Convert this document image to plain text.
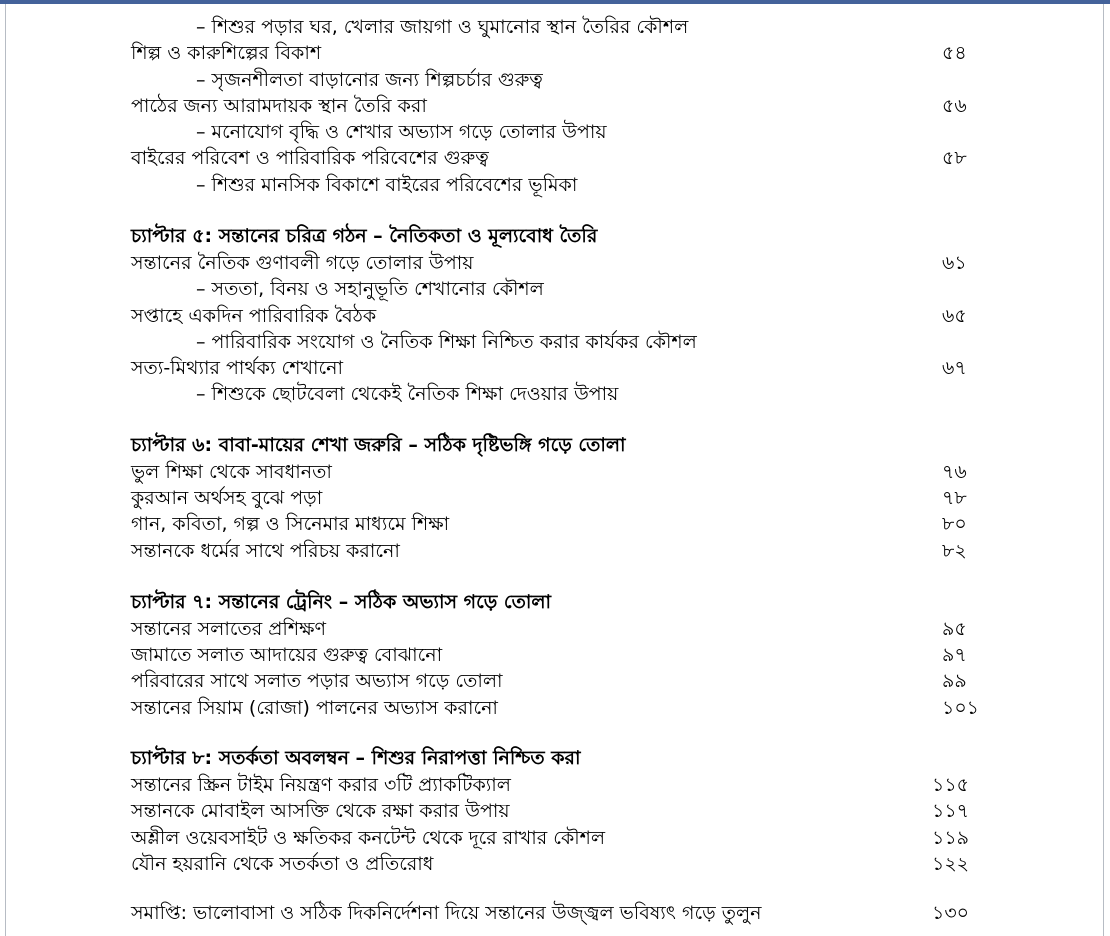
– শিশুর পড়ার ঘর, খেলার জায়গা ও ঘুমানোর স্থান তৈরির কৌশল
শিল্প ও কারুশিল্পের বিকাশ	৫৪
– সৃজনশীলতা বাড়ানোর জন্য শিল্পচর্চার গুরুত্ব
পাঠের জন্য আরামদায়ক স্থান তৈরি করা	৫৬
– মনোযোগ বৃদ্ধি ও শেখার অভ্যাস গড়ে তোলার উপায়
বাইরের পরিবেশ ও পারিবারিক পরিবেশের গুরুত্ব	৫৮
– শিশুর মানসিক বিকাশে বাইরের পরিবেশের ভূমিকা
চ্যাপ্টার ৫: সন্তানের চরিত্র গঠন – নৈতিকতা ও মূল্যবোধ তৈরি
সন্তানের নৈতিক গুণাবলী গড়ে তোলার উপায়	৬১
– সততা, বিনয় ও সহানুভূতি শেখানোর কৌশল
সপ্তাহে একদিন পারিবারিক বৈঠক	৬৫
– পারিবারিক সংযোগ ও নৈতিক শিক্ষা নিশ্চিত করার কার্যকর কৌশল
সত্য-মিথ্যার পার্থক্য শেখানো	৬৭
– শিশুকে ছোটবেলা থেকেই নৈতিক শিক্ষা দেওয়ার উপায়
চ্যাপ্টার ৬: বাবা-মায়ের শেখা জরুরি – সঠিক দৃষ্টিভঙ্গি গড়ে তোলা
ভুল শিক্ষা থেকে সাবধানতা	৭৬
কুরআন অর্থসহ বুঝে পড়া	৭৮
গান, কবিতা, গল্প ও সিনেমার মাধ্যমে শিক্ষা	৮০
সন্তানকে ধর্মের সাথে পরিচয় করানো	৮২
চ্যাপ্টার ৭: সন্তানের ট্রেনিং – সঠিক অভ্যাস গড়ে তোলা
সন্তানের সলাতের প্রশিক্ষণ	৯৫
জামাতে সলাত আদায়ের গুরুত্ব বোঝানো	৯৭
পরিবারের সাথে সলাত পড়ার অভ্যাস গড়ে তোলা	৯৯
সন্তানের সিয়াম (রোজা) পালনের অভ্যাস করানো	১০১
চ্যাপ্টার ৮: সতর্কতা অবলম্বন – শিশুর নিরাপত্তা নিশ্চিত করা
সন্তানের স্ক্রিন টাইম নিয়ন্ত্রণ করার ৩টি প্র্যাকটিক্যাল	১১৫
সন্তানকে মোবাইল আসক্তি থেকে রক্ষা করার উপায়	১১৭
অশ্লীল ওয়েবসাইট ও ক্ষতিকর কনটেন্ট থেকে দূরে রাখার কৌশল	১১৯
যৌন হয়রানি থেকে সতর্কতা ও প্রতিরোধ	১২২
সমাপ্তি: ভালোবাসা ও সঠিক দিকনির্দেশনা দিয়ে সন্তানের উজ্জ্বল ভবিষ্যৎ গড়ে তুলুন	১৩০
